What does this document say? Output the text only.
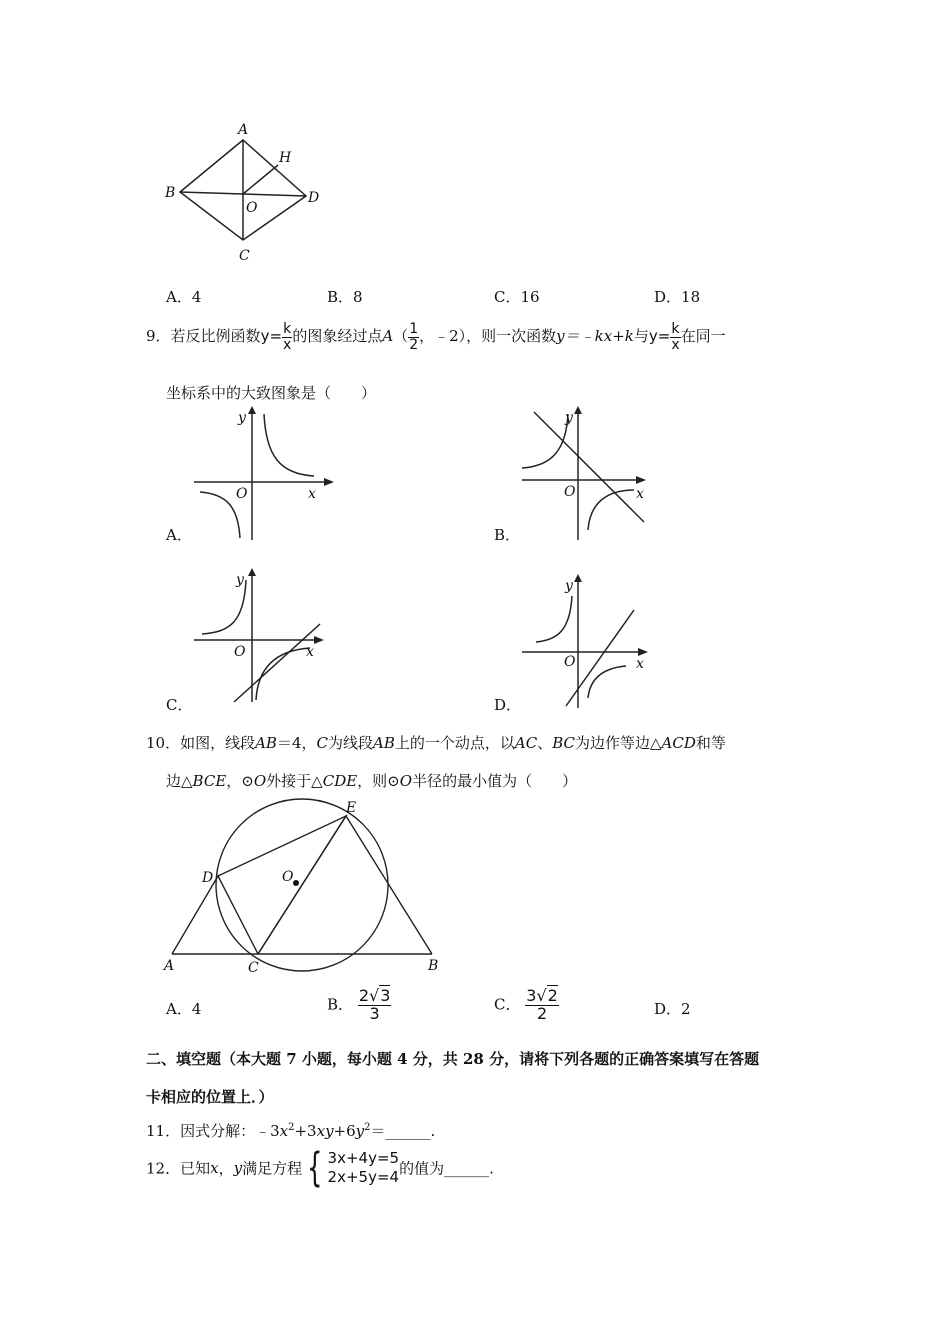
A
H
B
O
D
C
A．4	B．8	C．16	D．18
9．若反比例函数$y= \frac{k}{x}$ 的图象经过点$A( \frac{1}{2}$ ，﹣2），则一次函数y＝﹣kx+k与$y= \frac{k}{x}$ 在同一
坐标系中的大致图象是（　　）
y
x
O
A．
y
x
O
B．
y
x
O
C．
y
x
O
D．
10．如图，线段AB＝4，C为线段AB上的一个动点，以AC、BC为边作等边△ACD和等
边△BCE，⊙O外接于△CDE，则⊙O半径的最小值为（　　）
A	C	B
D
E
O
A．4	B． $\frac{2√3}{3}$	C． $\frac{3√2}{2}$	D．2
二、填空题（本大题 7 小题，每小题 4 分，共 28 分，请将下列各题的正确答案填写在答题
卡相应的位置上．）
11．因式分解：$﹣3x^2+3xy+6y^2=\_\_\_\_\_\_$.
12．已知x，y满足方程 { 3x+4y=5
2x+5y=4 的值为______.
